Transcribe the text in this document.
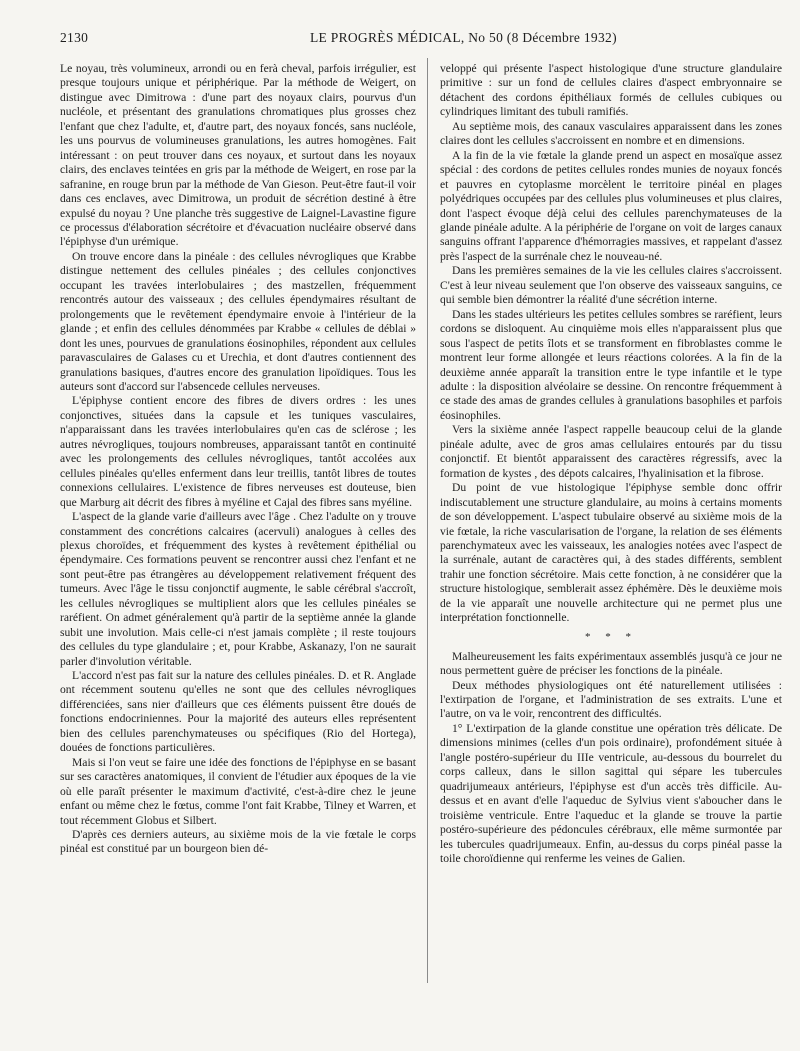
2130	LE PROGRÈS MÉDICAL, No 50 (8 Décembre 1932)

Le noyau, très volumineux, arrondi ou en ferà cheval, parfois irrégulier, est presque toujours unique et périphérique. Par la méthode de Weigert, on distingue avec Dimitrowa : d'une part des noyaux clairs, pourvus d'un nucléole, et présentant des granulations chromatiques plus grosses chez l'enfant que chez l'adulte, et, d'autre part, des noyaux foncés, sans nucléole, les uns pourvus de volumineuses granulations, les autres homogènes. Fait intéressant : on peut trouver dans ces noyaux, et surtout dans les noyaux clairs, des enclaves teintées en gris par la méthode de Weigert, en rose par la safranine, en rouge brun par la méthode de Van Gieson. Peut-être faut-il voir dans ces enclaves, avec Dimitrowa, un produit de sécrétion destiné à être expulsé du noyau ? Une planche très suggestive de Laignel-Lavastine figure ce processus d'élaboration sécrétoire et d'évacuation nucléaire observé dans l'épiphyse d'un urémique.

On trouve encore dans la pinéale : des cellules névrogliques que Krabbe distingue nettement des cellules pinéales ; des cellules conjonctives occupant les travées interlobulaires ; des mastzellen, fréquemment rencontrés autour des vaisseaux ; des cellules épendymaires résultant de prolongements que le revêtement épendymaire envoie à l'intérieur de la glande ; et enfin des cellules dénommées par Krabbe « cellules de déblai » dont les unes, pourvues de granulations éosinophiles, répondent aux cellules paravasculaires de Galases cu et Urechia, et dont d'autres contiennent des granulations basiques, d'autres encore des granulation lipoïdiques. Tous les auteurs sont d'accord sur l'absencede cellules nerveuses.

L'épiphyse contient encore des fibres de divers ordres : les unes conjonctives, situées dans la capsule et les tuniques vasculaires, n'apparaissant dans les travées interlobulaires qu'en cas de sclérose ; les autres névrogliques, toujours nombreuses, apparaissant tantôt en continuité avec les prolongements des cellules névrogliques, tantôt accolées aux cellules pinéales qu'elles enferment dans leur treillis, tantôt libres de toutes connexions cellulaires. L'existence de fibres nerveuses est douteuse, bien que Marburg ait décrit des fibres à myéline et Cajal des fibres sans myéline.

L'aspect de la glande varie d'ailleurs avec l'âge . Chez l'adulte on y trouve constamment des concrétions calcaires (acervuli) analogues à celles des plexus choroïdes, et fréquemment des kystes à revêtement épithélial ou épendymaire. Ces formations peuvent se rencontrer aussi chez l'enfant et ne sont peut-être pas étrangères au développement relativement fréquent des tumeurs. Avec l'âge le tissu conjonctif augmente, le sable cérébral s'accroît, les cellules névrogliques se multiplient alors que les cellules pinéales se raréfient. On admet généralement qu'à partir de la septième année la glande subit une involution. Mais celle-ci n'est jamais complète ; il reste toujours des cellules du type glandulaire ; et, pour Krabbe, Askanazy, l'on ne saurait parler d'involution véritable.

L'accord n'est pas fait sur la nature des cellules pinéales. D. et R. Anglade ont récemment soutenu qu'elles ne sont que des cellules névrogliques différenciées, sans nier d'ailleurs que ces éléments puissent être doués de fonctions endocriniennes. Pour la majorité des auteurs elles représentent bien des cellules parenchymateuses ou spécifiques (Rio del Hortega), douées de fonctions particulières.

Mais si l'on veut se faire une idée des fonctions de l'épiphyse en se basant sur ses caractères anatomiques, il convient de l'étudier aux époques de la vie où elle paraît présenter le maximum d'activité, c'est-à-dire chez le jeune enfant ou même chez le fœtus, comme l'ont fait Krabbe, Tilney et Warren, et tout récemment Globus et Silbert.

D'après ces derniers auteurs, au sixième mois de la vie fœtale le corps pinéal est constitué par un bourgeon bien dé-

veloppé qui présente l'aspect histologique d'une structure glandulaire primitive : sur un fond de cellules claires d'aspect embryonnaire se détachent des cordons épithéliaux formés de cellules cubiques ou cylindriques limitant des tubuli ramifiés.

Au septième mois, des canaux vasculaires apparaissent dans les zones claires dont les cellules s'accroissent en nombre et en dimensions.

A la fin de la vie fœtale la glande prend un aspect en mosaïque assez spécial : des cordons de petites cellules rondes munies de noyaux foncés et pauvres en cytoplasme morcèlent le territoire pinéal en plages polyédriques occupées par des cellules plus volumineuses et plus claires, dont l'aspect évoque déjà celui des cellules parenchymateuses de la glande pinéale adulte. A la périphérie de l'organe on voit de larges canaux sanguins offrant l'apparence d'hémorragies massives, et rappelant d'assez près l'aspect de la surrénale chez le nouveau-né.

Dans les premières semaines de la vie les cellules claires s'accroissent. C'est à leur niveau seulement que l'on observe des vaisseaux sanguins, ce qui semble bien démontrer la réalité d'une sécrétion interne.

Dans les stades ultérieurs les petites cellules sombres se raréfient, leurs cordons se disloquent. Au cinquième mois elles n'apparaissent plus que sous l'aspect de petits îlots et se transforment en fibroblastes comme le montrent leur forme allongée et leurs réactions colorées. A la fin de la deuxième année apparaît la transition entre le type infantile et le type adulte : la disposition alvéolaire se dessine. On rencontre fréquemment à ce stade des amas de grandes cellules à granulations basophiles et parfois éosinophiles.

Vers la sixième année l'aspect rappelle beaucoup celui de la glande pinéale adulte, avec de gros amas cellulaires entourés par du tissu conjonctif. Et bientôt apparaissent des caractères régressifs, avec la formation de kystes , des dépots calcaires, l'hyalinisation et la fibrose.

Du point de vue histologique l'épiphyse semble donc offrir indiscutablement une structure glandulaire, au moins à certains moments de son développement. L'aspect tubulaire observé au sixième mois de la vie fœtale, la riche vascularisation de l'organe, la relation de ses éléments parenchymateux avec les vaisseaux, les analogies notées avec l'aspect de la surrénale, autant de caractères qui, à des stades différents, semblent trahir une fonction sécrétoire. Mais cette fonction, à ne considérer que la structure histologique, semblerait assez éphémère. Dès le deuxième mois de la vie apparaît une nouvelle architecture qui ne permet plus une interprétation fonctionnelle.

* * *

Malheureusement les faits expérimentaux assemblés jusqu'à ce jour ne nous permettent guère de préciser les fonctions de la pinéale.

Deux méthodes physiologiques ont été naturellement utilisées : l'extirpation de l'organe, et l'administration de ses extraits. L'une et l'autre, on va le voir, rencontrent des difficultés.

1° L'extirpation de la glande constitue une opération très délicate. De dimensions minimes (celles d'un pois ordinaire), profondément située à l'angle postéro-supérieur du IIIe ventricule, au-dessous du bourrelet du corps calleux, dans le sillon sagittal qui sépare les tubercules quadrijumeaux antérieurs, l'épiphyse est d'un accès très difficile. Au-dessus et en avant d'elle l'aqueduc de Sylvius vient s'aboucher dans le troisième ventricule. Entre l'aqueduc et la glande se trouve la partie postéro-supérieure des pédoncules cérébraux, elle même surmontée par les tubercules quadrijumeaux. Enfin, au-dessus du corps pinéal passe la toile choroïdienne qui renferme les veines de Galien.
